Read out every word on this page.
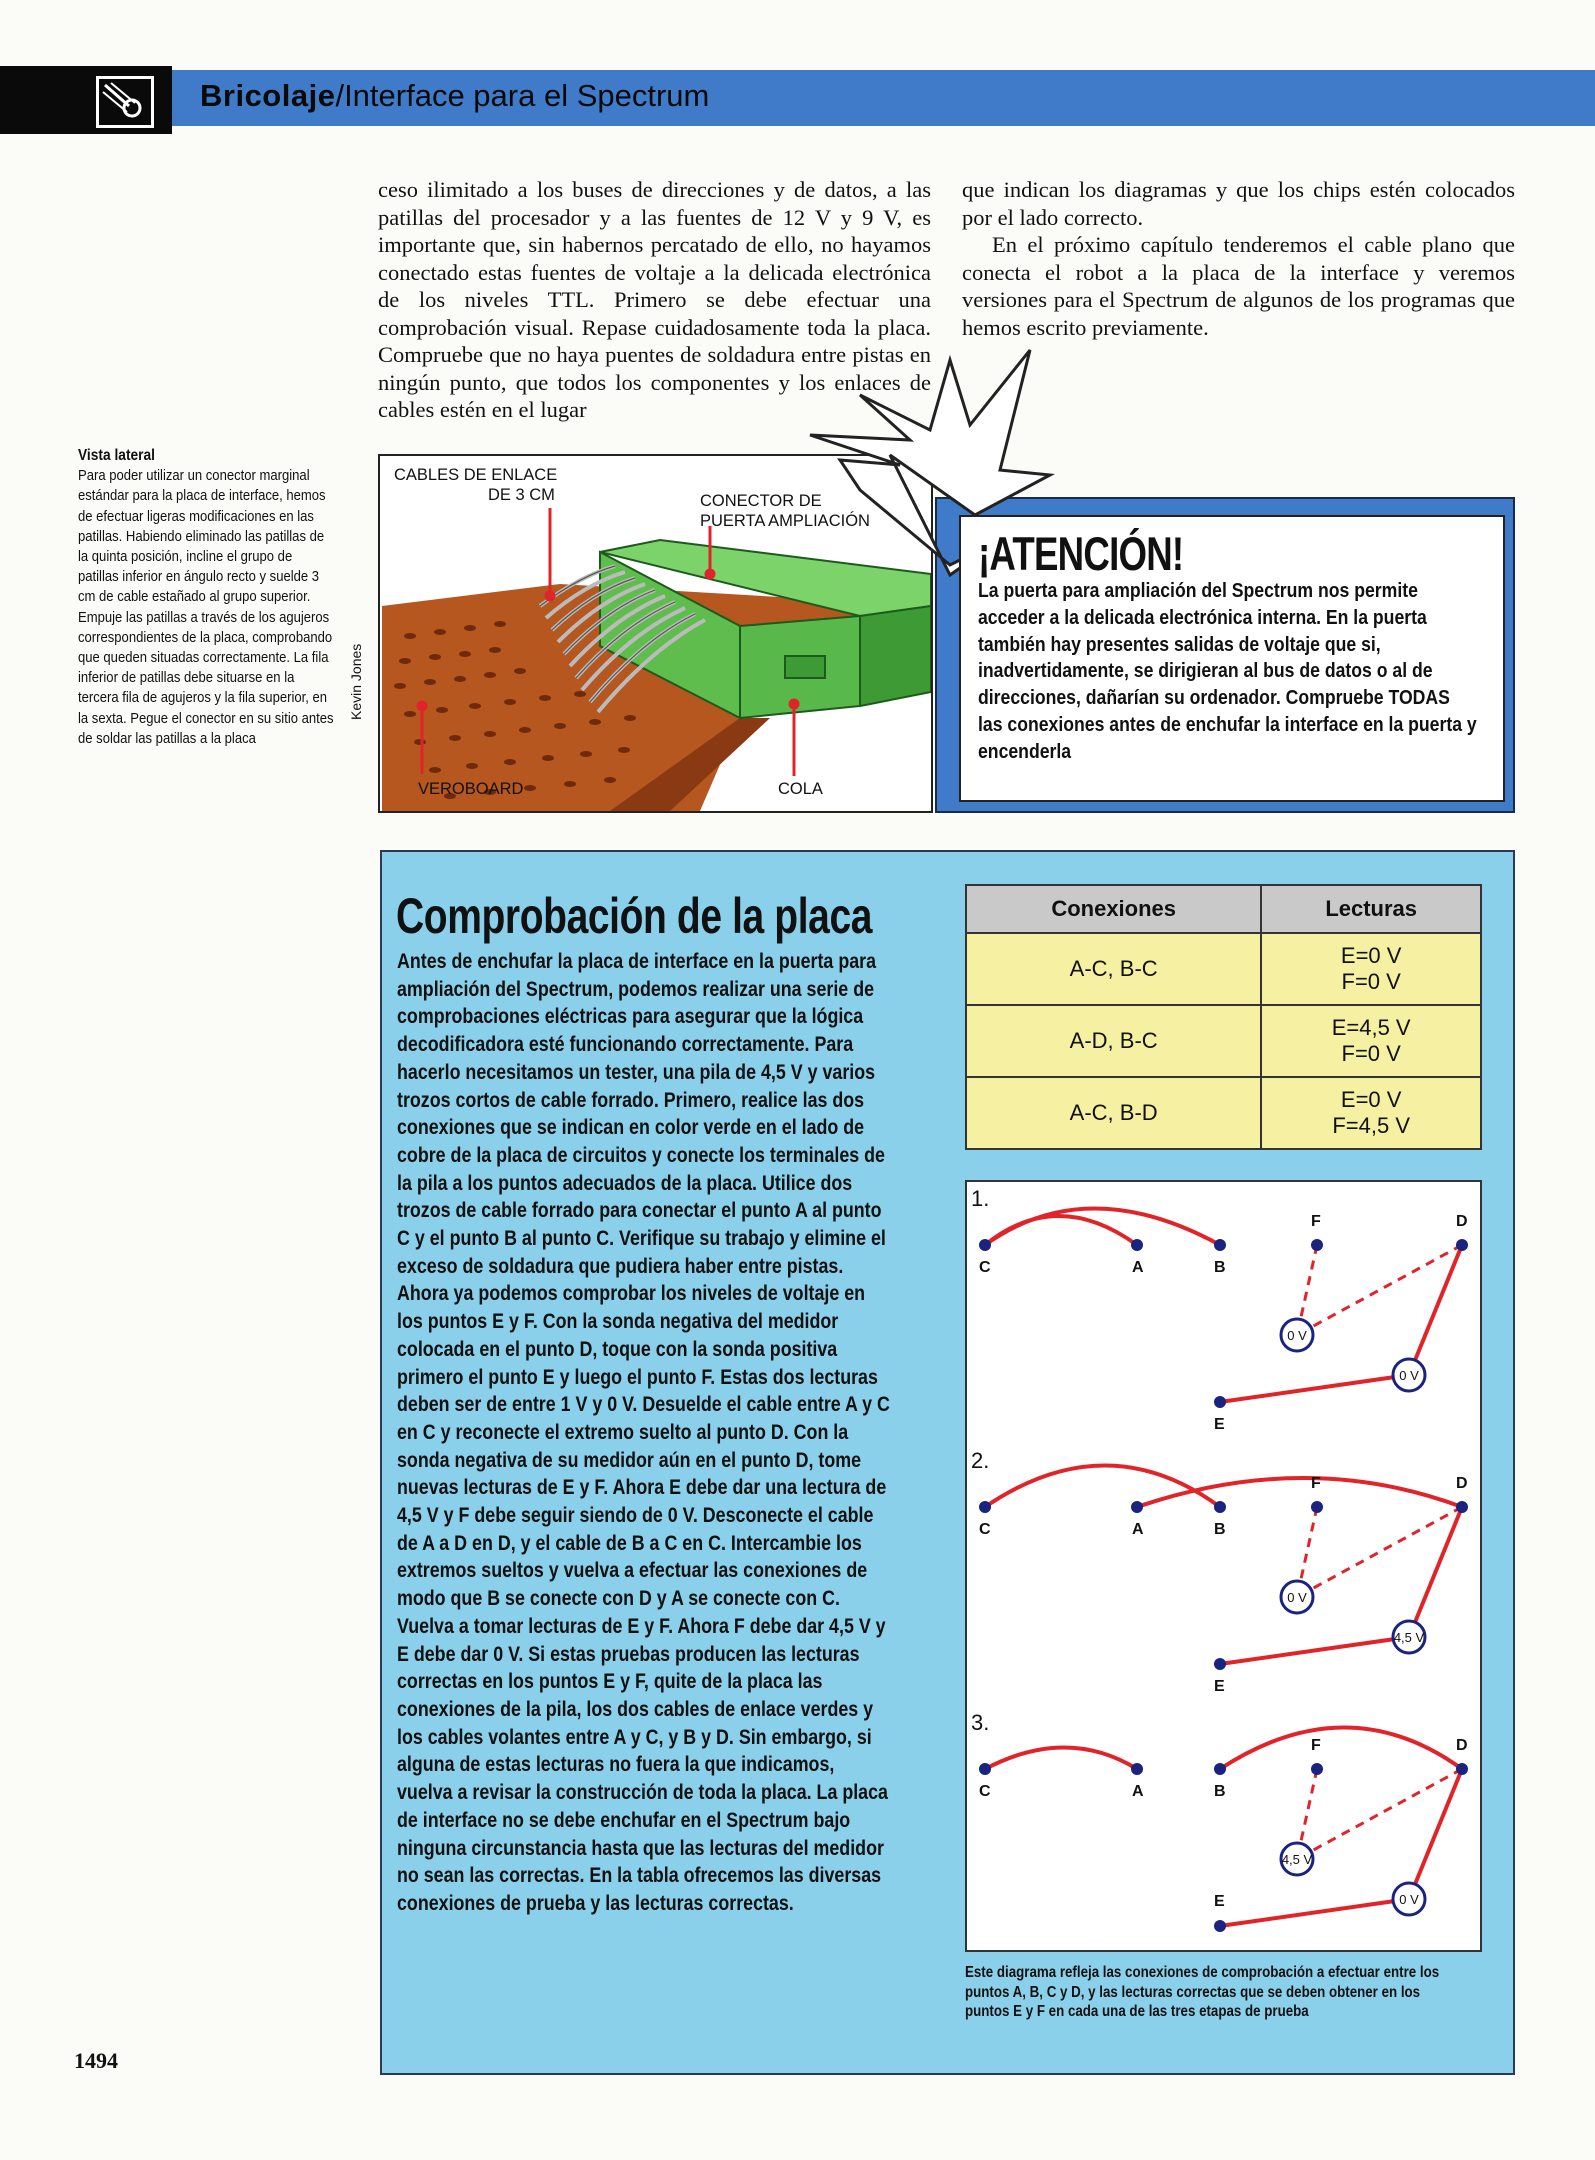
Bricolaje/Interface para el Spectrum

ceso ilimitado a los buses de direcciones y de datos, a las patillas del procesador y a las fuentes de 12 V y 9 V, es importante que, sin habernos percatado de ello, no hayamos conectado estas fuentes de voltaje a la delicada electrónica de los niveles TTL. Primero se debe efectuar una comprobación visual. Repase cuidadosamente toda la placa. Compruebe que no haya puentes de soldadura entre pistas en ningún punto, que todos los componentes y los enlaces de cables estén en el lugar

que indican los diagramas y que los chips estén colocados por el lado correcto.

En el próximo capítulo tenderemos el cable plano que conecta el robot a la placa de la interface y veremos versiones para el Spectrum de algunos de los programas que hemos escrito previamente.

Vista lateral
Para poder utilizar un conector marginal estándar para la placa de interface, hemos de efectuar ligeras modificaciones en las patillas. Habiendo eliminado las patillas de la quinta posición, incline el grupo de patillas inferior en ángulo recto y suelde 3 cm de cable estañado al grupo superior. Empuje las patillas a través de los agujeros correspondientes de la placa, comprobando que queden situadas correctamente. La fila inferior de patillas debe situarse en la tercera fila de agujeros y la fila superior, en la sexta. Pegue el conector en su sitio antes de soldar las patillas a la placa
Kevin Jones
CABLES DE ENLACE
DE 3 CM	CONECTOR DE
PUERTA AMPLIACIÓN
VEROBOARD	COLA
¡ATENCIÓN!
La puerta para ampliación del Spectrum nos permite acceder a la delicada electrónica interna. En la puerta también hay presentes salidas de voltaje que si, inadvertidamente, se dirigieran al bus de datos o al de direcciones, dañarían su ordenador. Compruebe TODAS las conexiones antes de enchufar la interface en la puerta y encenderla
Comprobación de la placa
Antes de enchufar la placa de interface en la puerta para ampliación del Spectrum, podemos realizar una serie de comprobaciones eléctricas para asegurar que la lógica decodificadora esté funcionando correctamente. Para hacerlo necesitamos un tester, una pila de 4,5 V y varios trozos cortos de cable forrado. Primero, realice las dos conexiones que se indican en color verde en el lado de cobre de la placa de circuitos y conecte los terminales de la pila a los puntos adecuados de la placa. Utilice dos trozos de cable forrado para conectar el punto A al punto C y el punto B al punto C. Verifique su trabajo y elimine el exceso de soldadura que pudiera haber entre pistas. Ahora ya podemos comprobar los niveles de voltaje en los puntos E y F. Con la sonda negativa del medidor colocada en el punto D, toque con la sonda positiva primero el punto E y luego el punto F. Estas dos lecturas deben ser de entre 1 V y 0 V. Desuelde el cable entre A y C en C y reconecte el extremo suelto al punto D. Con la sonda negativa de su medidor aún en el punto D, tome nuevas lecturas de E y F. Ahora E debe dar una lectura de 4,5 V y F debe seguir siendo de 0 V. Desconecte el cable de A a D en D, y el cable de B a C en C. Intercambie los extremos sueltos y vuelva a efectuar las conexiones de modo que B se conecte con D y A se conecte con C. Vuelva a tomar lecturas de E y F. Ahora F debe dar 4,5 V y E debe dar 0 V. Si estas pruebas producen las lecturas correctas en los puntos E y F, quite de la placa las conexiones de la pila, los dos cables de enlace verdes y los cables volantes entre A y C, y B y D. Sin embargo, si alguna de estas lecturas no fuera la que indicamos, vuelva a revisar la construcción de toda la placa. La placa de interface no se debe enchufar en el Spectrum bajo ninguna circunstancia hasta que las lecturas del medidor no sean las correctas. En la tabla ofrecemos las diversas conexiones de prueba y las lecturas correctas.
Conexiones	Lecturas
A-C, B-C	E=0 V
F=0 V
A-D, B-C	E=4,5 V
F=0 V
A-C, B-D	E=0 V
F=4,5 V
1.
C	A	B
F	D
E
0 V
0 V
2.
C	A	B
F	D
E
0 V
4,5 V
3.
C	A	B
F	D
E
4,5 V
0 V
Este diagrama refleja las conexiones de comprobación a efectuar entre los puntos A, B, C y D, y las lecturas correctas que se deben obtener en los puntos E y F en cada una de las tres etapas de prueba
1494
